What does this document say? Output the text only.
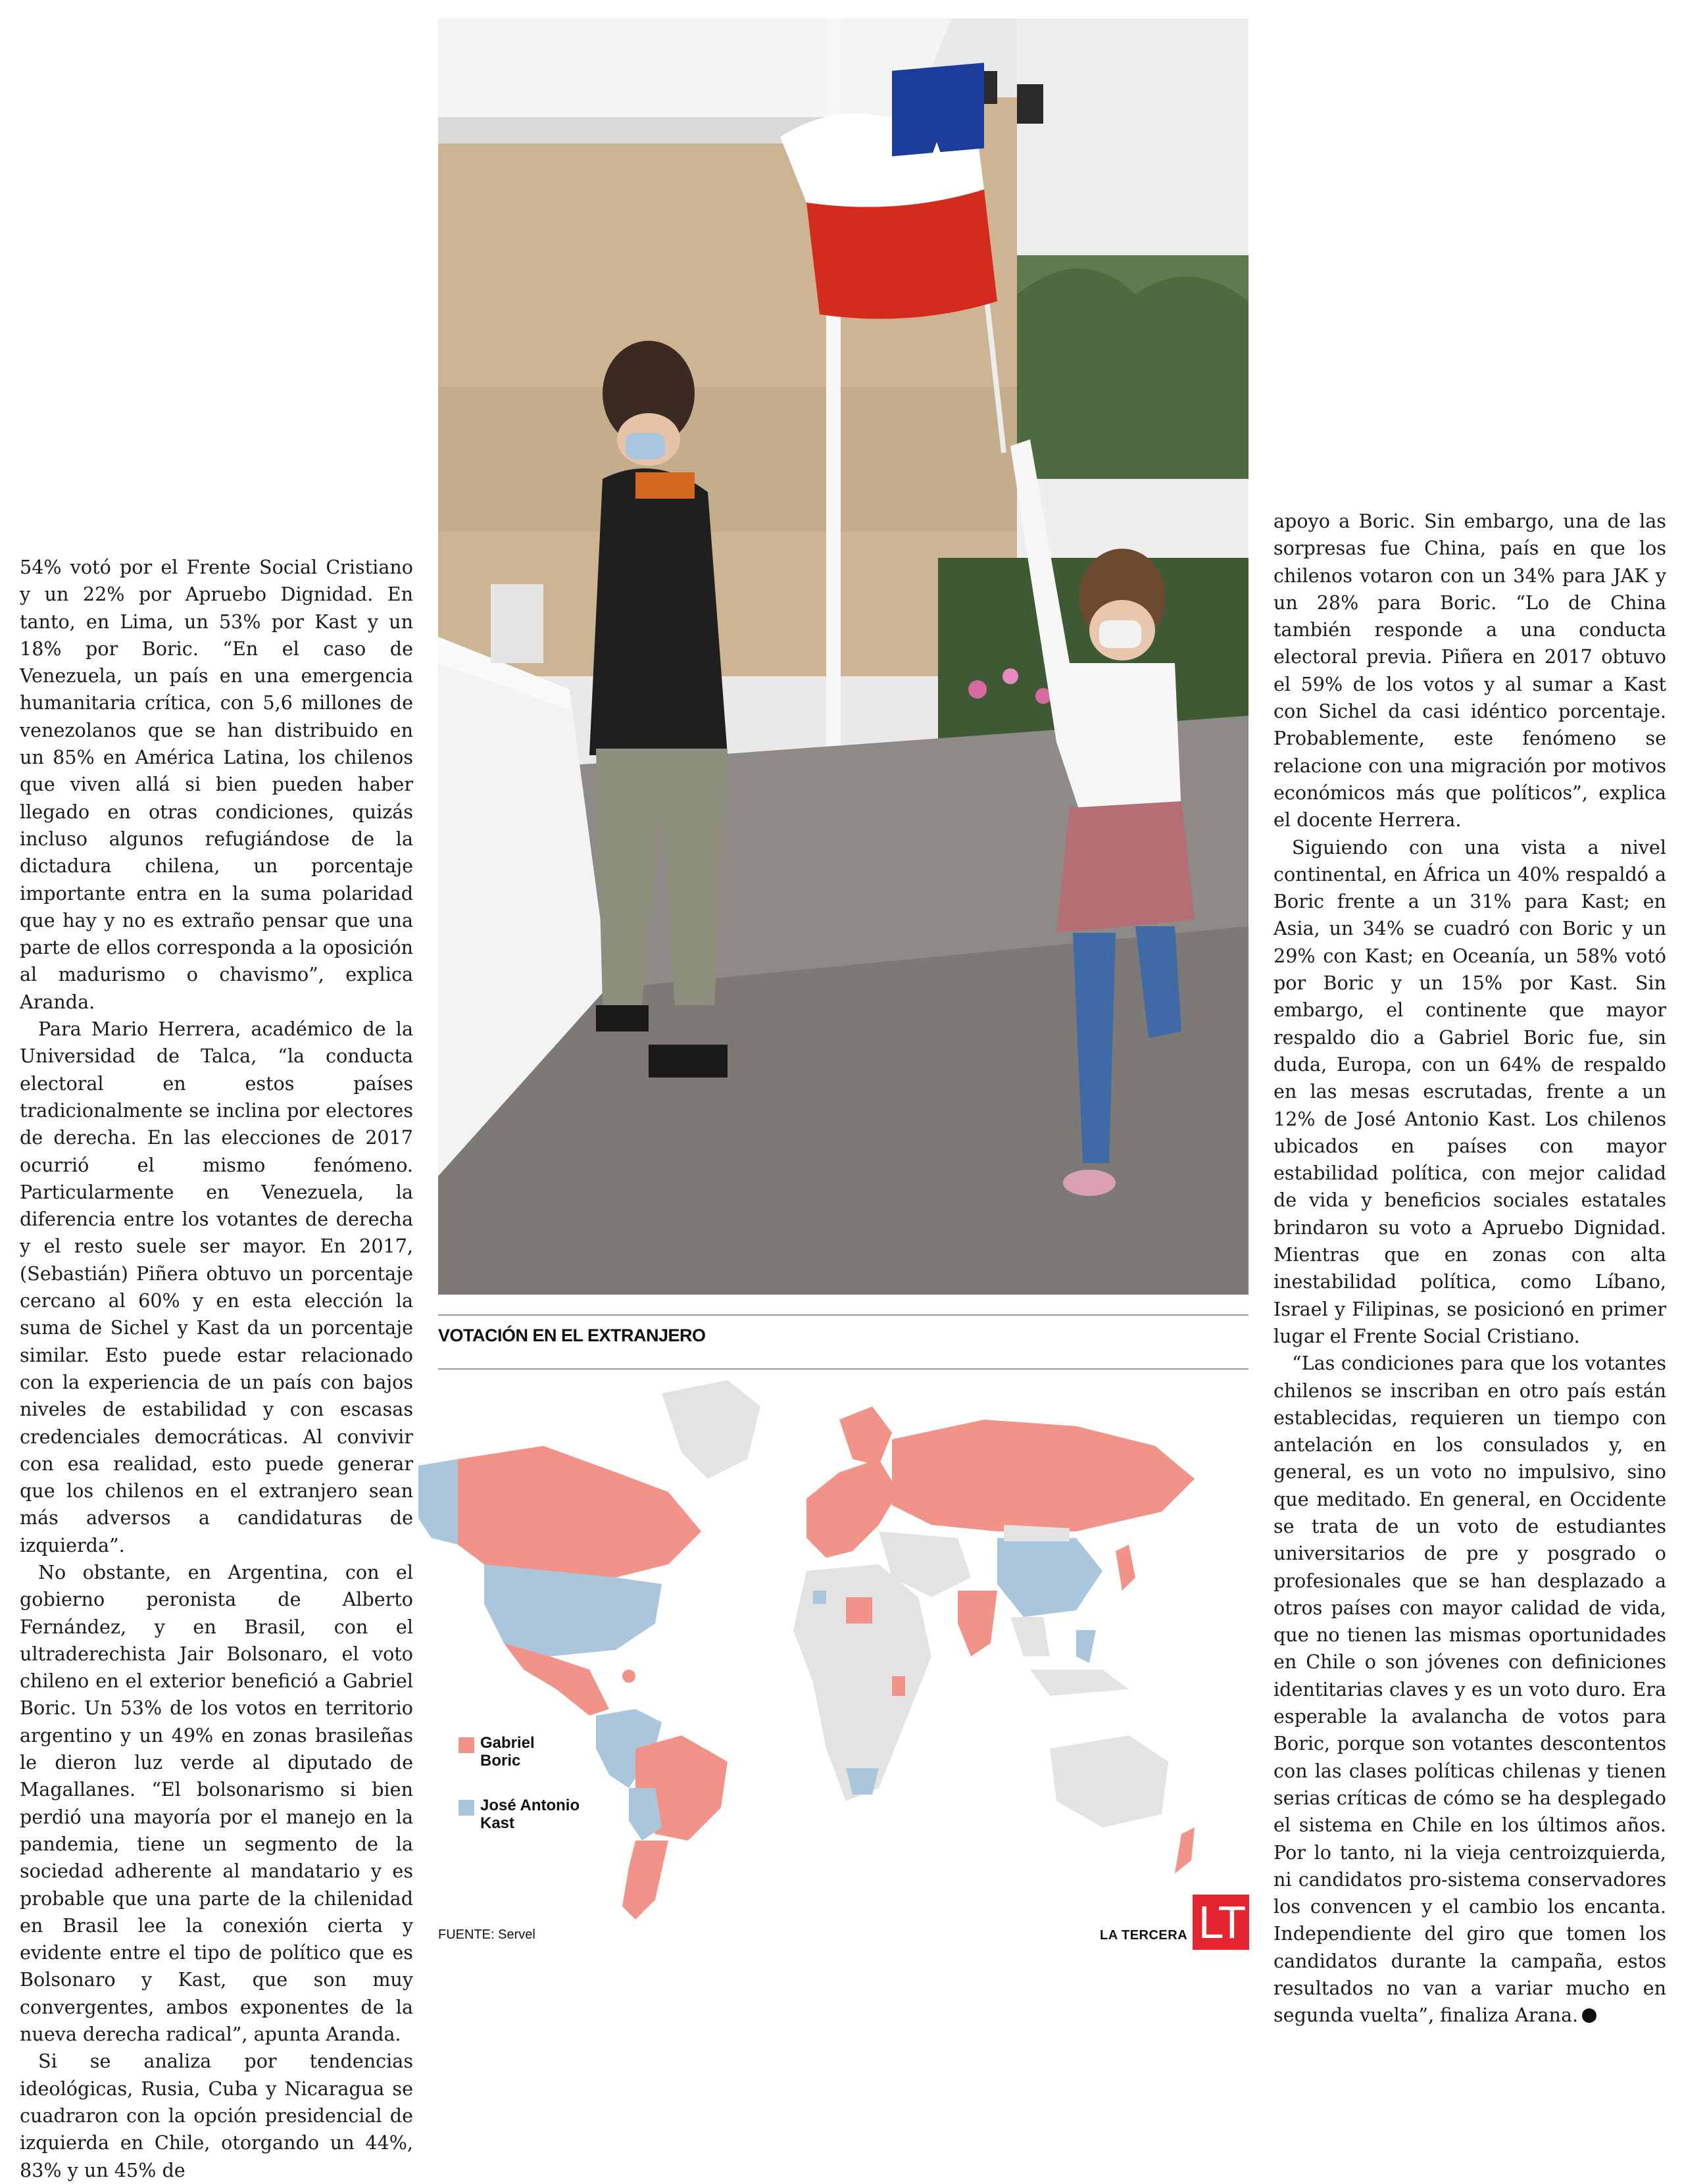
54% votó por el Frente Social Cristiano y un 22% por Apruebo Dignidad. En tanto, en Lima, un 53% por Kast y un 18% por Boric. “En el caso de Venezuela, un país en una emergencia humanitaria crítica, con 5,6 millones de venezolanos que se han distribuido en un 85% en América Latina, los chilenos que viven allá si bien pueden haber llegado en otras condiciones, quizás incluso algunos refugiándose de la dictadura chilena, un porcentaje importante entra en la suma polaridad que hay y no es extraño pensar que una parte de ellos corresponda a la oposición al madurismo o chavismo”, explica Aranda.

Para Mario Herrera, académico de la Universidad de Talca, “la conducta electoral en estos países tradicionalmente se inclina por electores de derecha. En las elecciones de 2017 ocurrió el mismo fenómeno. Particularmente en Venezuela, la diferencia entre los votantes de derecha y el resto suele ser mayor. En 2017, (Sebastián) Piñera obtuvo un porcentaje cercano al 60% y en esta elección la suma de Sichel y Kast da un porcentaje similar. Esto puede estar relacionado con la experiencia de un país con bajos niveles de estabilidad y con escasas credenciales democráticas. Al convivir con esa realidad, esto puede generar que los chilenos en el extranjero sean más adversos a candidaturas de izquierda”.

No obstante, en Argentina, con el gobierno peronista de Alberto Fernández, y en Brasil, con el ultraderechista Jair Bolsonaro, el voto chileno en el exterior benefició a Gabriel Boric. Un 53% de los votos en territorio argentino y un 49% en zonas brasileñas le dieron luz verde al diputado de Magallanes. “El bolsonarismo si bien perdió una mayoría por el manejo en la pandemia, tiene un segmento de la sociedad adherente al mandatario y es probable que una parte de la chilenidad en Brasil lee la conexión cierta y evidente entre el tipo de político que es Bolsonaro y Kast, que son muy convergentes, ambos exponentes de la nueva derecha radical”, apunta Aranda.

Si se analiza por tendencias ideológicas, Rusia, Cuba y Nicaragua se cuadraron con la opción presidencial de izquierda en Chile, otorgando un 44%, 83% y un 45% de

VOTACIÓN EN EL EXTRANJERO
Gabriel
Boric
José Antonio
Kast
FUENTE: Servel	LA TERCERA LT

apoyo a Boric. Sin embargo, una de las sorpresas fue China, país en que los chilenos votaron con un 34% para JAK y un 28% para Boric. “Lo de China también responde a una conducta electoral previa. Piñera en 2017 obtuvo el 59% de los votos y al sumar a Kast con Sichel da casi idéntico porcentaje. Probablemente, este fenómeno se relacione con una migración por motivos económicos más que políticos”, explica el docente Herrera.

Siguiendo con una vista a nivel continental, en África un 40% respaldó a Boric frente a un 31% para Kast; en Asia, un 34% se cuadró con Boric y un 29% con Kast; en Oceanía, un 58% votó por Boric y un 15% por Kast. Sin embargo, el continente que mayor respaldo dio a Gabriel Boric fue, sin duda, Europa, con un 64% de respaldo en las mesas escrutadas, frente a un 12% de José Antonio Kast. Los chilenos ubicados en países con mayor estabilidad política, con mejor calidad de vida y beneficios sociales estatales brindaron su voto a Apruebo Dignidad. Mientras que en zonas con alta inestabilidad política, como Líbano, Israel y Filipinas, se posicionó en primer lugar el Frente Social Cristiano.

“Las condiciones para que los votantes chilenos se inscriban en otro país están establecidas, requieren un tiempo con antelación en los consulados y, en general, es un voto no impulsivo, sino que meditado. En general, en Occidente se trata de un voto de estudiantes universitarios de pre y posgrado o profesionales que se han desplazado a otros países con mayor calidad de vida, que no tienen las mismas oportunidades en Chile o son jóvenes con definiciones identitarias claves y es un voto duro. Era esperable la avalancha de votos para Boric, porque son votantes descontentos con las clases políticas chilenas y tienen serias críticas de cómo se ha desplegado el sistema en Chile en los últimos años. Por lo tanto, ni la vieja centroizquierda, ni candidatos pro-sistema conservadores los convencen y el cambio los encanta. Independiente del giro que tomen los candidatos durante la campaña, estos resultados no van a variar mucho en segunda vuelta”, finaliza Arana.
